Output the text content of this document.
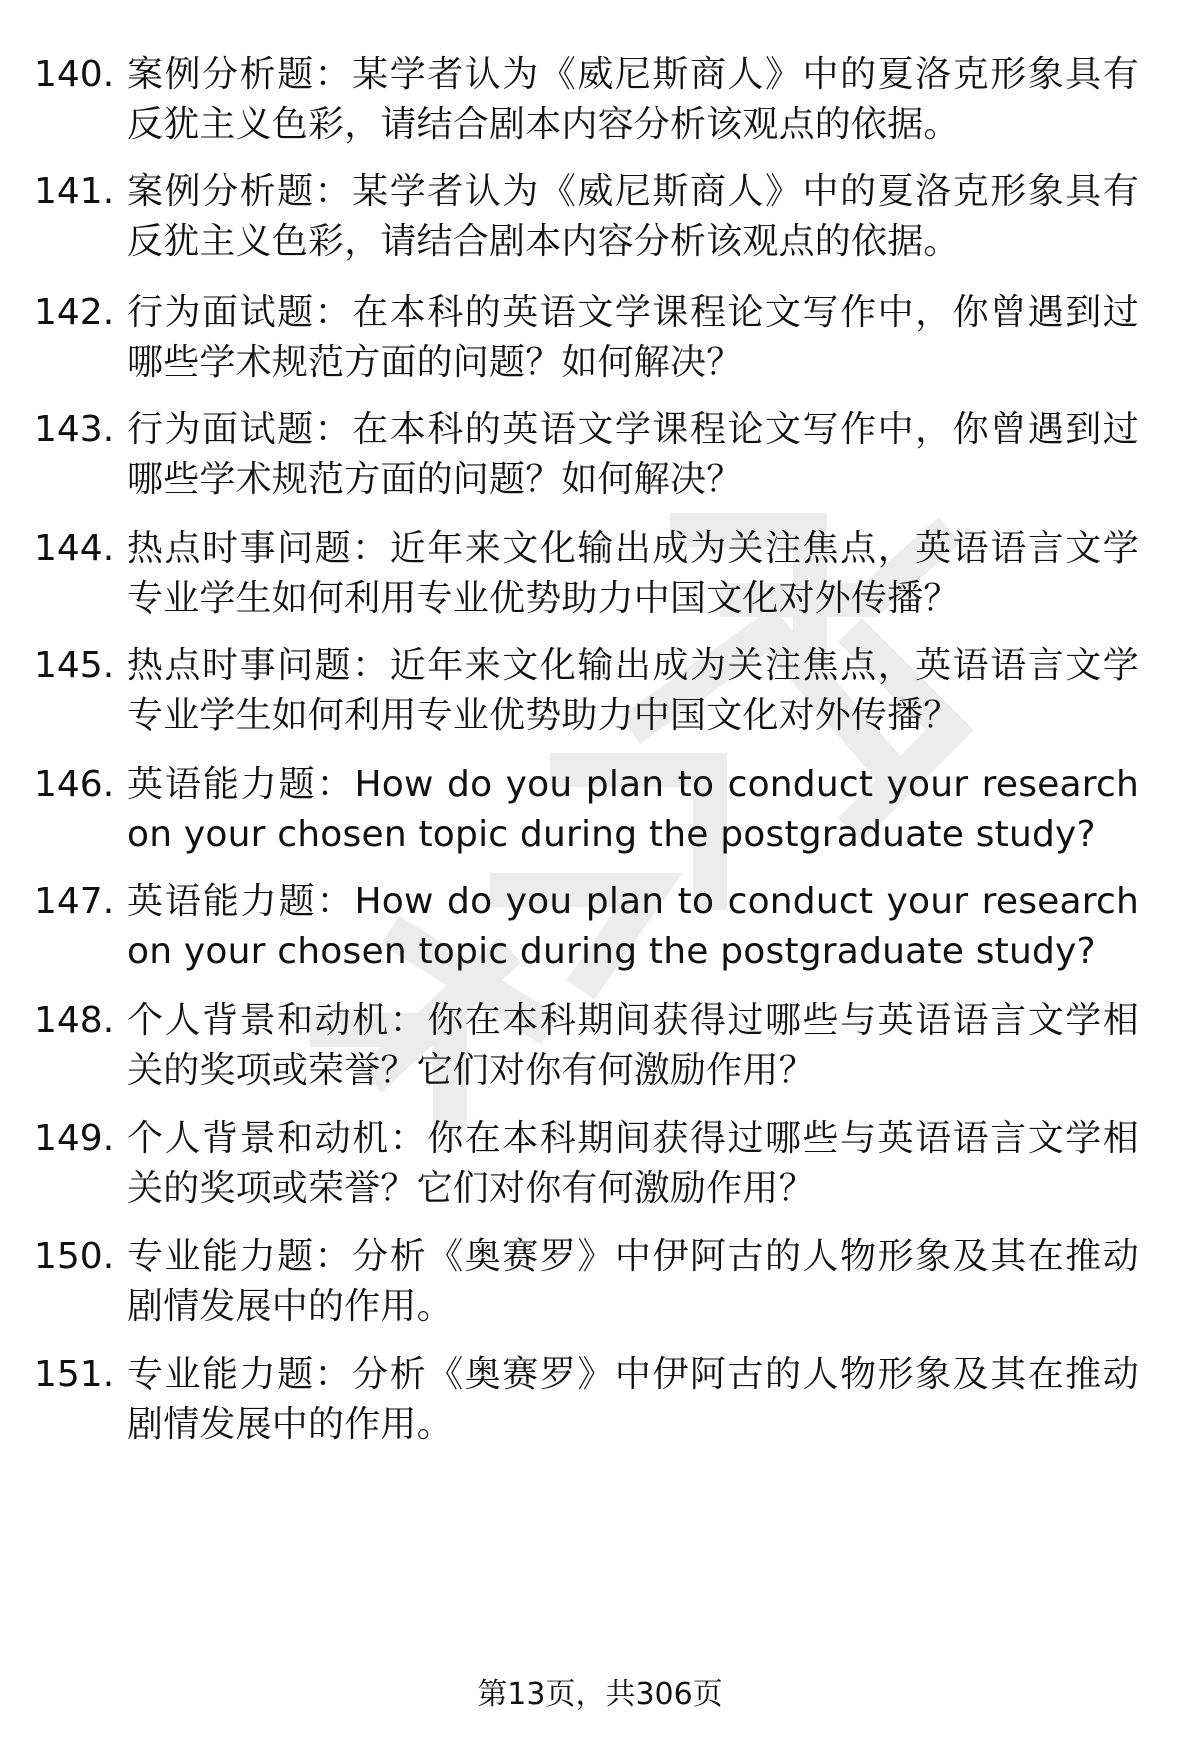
140. 案例分析题：某学者认为《威尼斯商人》中的夏洛克形象具有反犹主义色彩，请结合剧本内容分析该观点的依据。
141. 案例分析题：某学者认为《威尼斯商人》中的夏洛克形象具有反犹主义色彩，请结合剧本内容分析该观点的依据。
142. 行为面试题：在本科的英语文学课程论文写作中，你曾遇到过哪些学术规范方面的问题？如何解决？
143. 行为面试题：在本科的英语文学课程论文写作中，你曾遇到过哪些学术规范方面的问题？如何解决？
144. 热点时事问题：近年来文化输出成为关注焦点，英语语言文学专业学生如何利用专业优势助力中国文化对外传播？
145. 热点时事问题：近年来文化输出成为关注焦点，英语语言文学专业学生如何利用专业优势助力中国文化对外传播？
146. 英语能力题：How do you plan to conduct your research on your chosen topic during the postgraduate study?
147. 英语能力题：How do you plan to conduct your research on your chosen topic during the postgraduate study?
148. 个人背景和动机：你在本科期间获得过哪些与英语语言文学相关的奖项或荣誉？它们对你有何激励作用？
149. 个人背景和动机：你在本科期间获得过哪些与英语语言文学相关的奖项或荣誉？它们对你有何激励作用？
150. 专业能力题：分析《奥赛罗》中伊阿古的人物形象及其在推动剧情发展中的作用。
151. 专业能力题：分析《奥赛罗》中伊阿古的人物形象及其在推动剧情发展中的作用。
第13页，共306页
